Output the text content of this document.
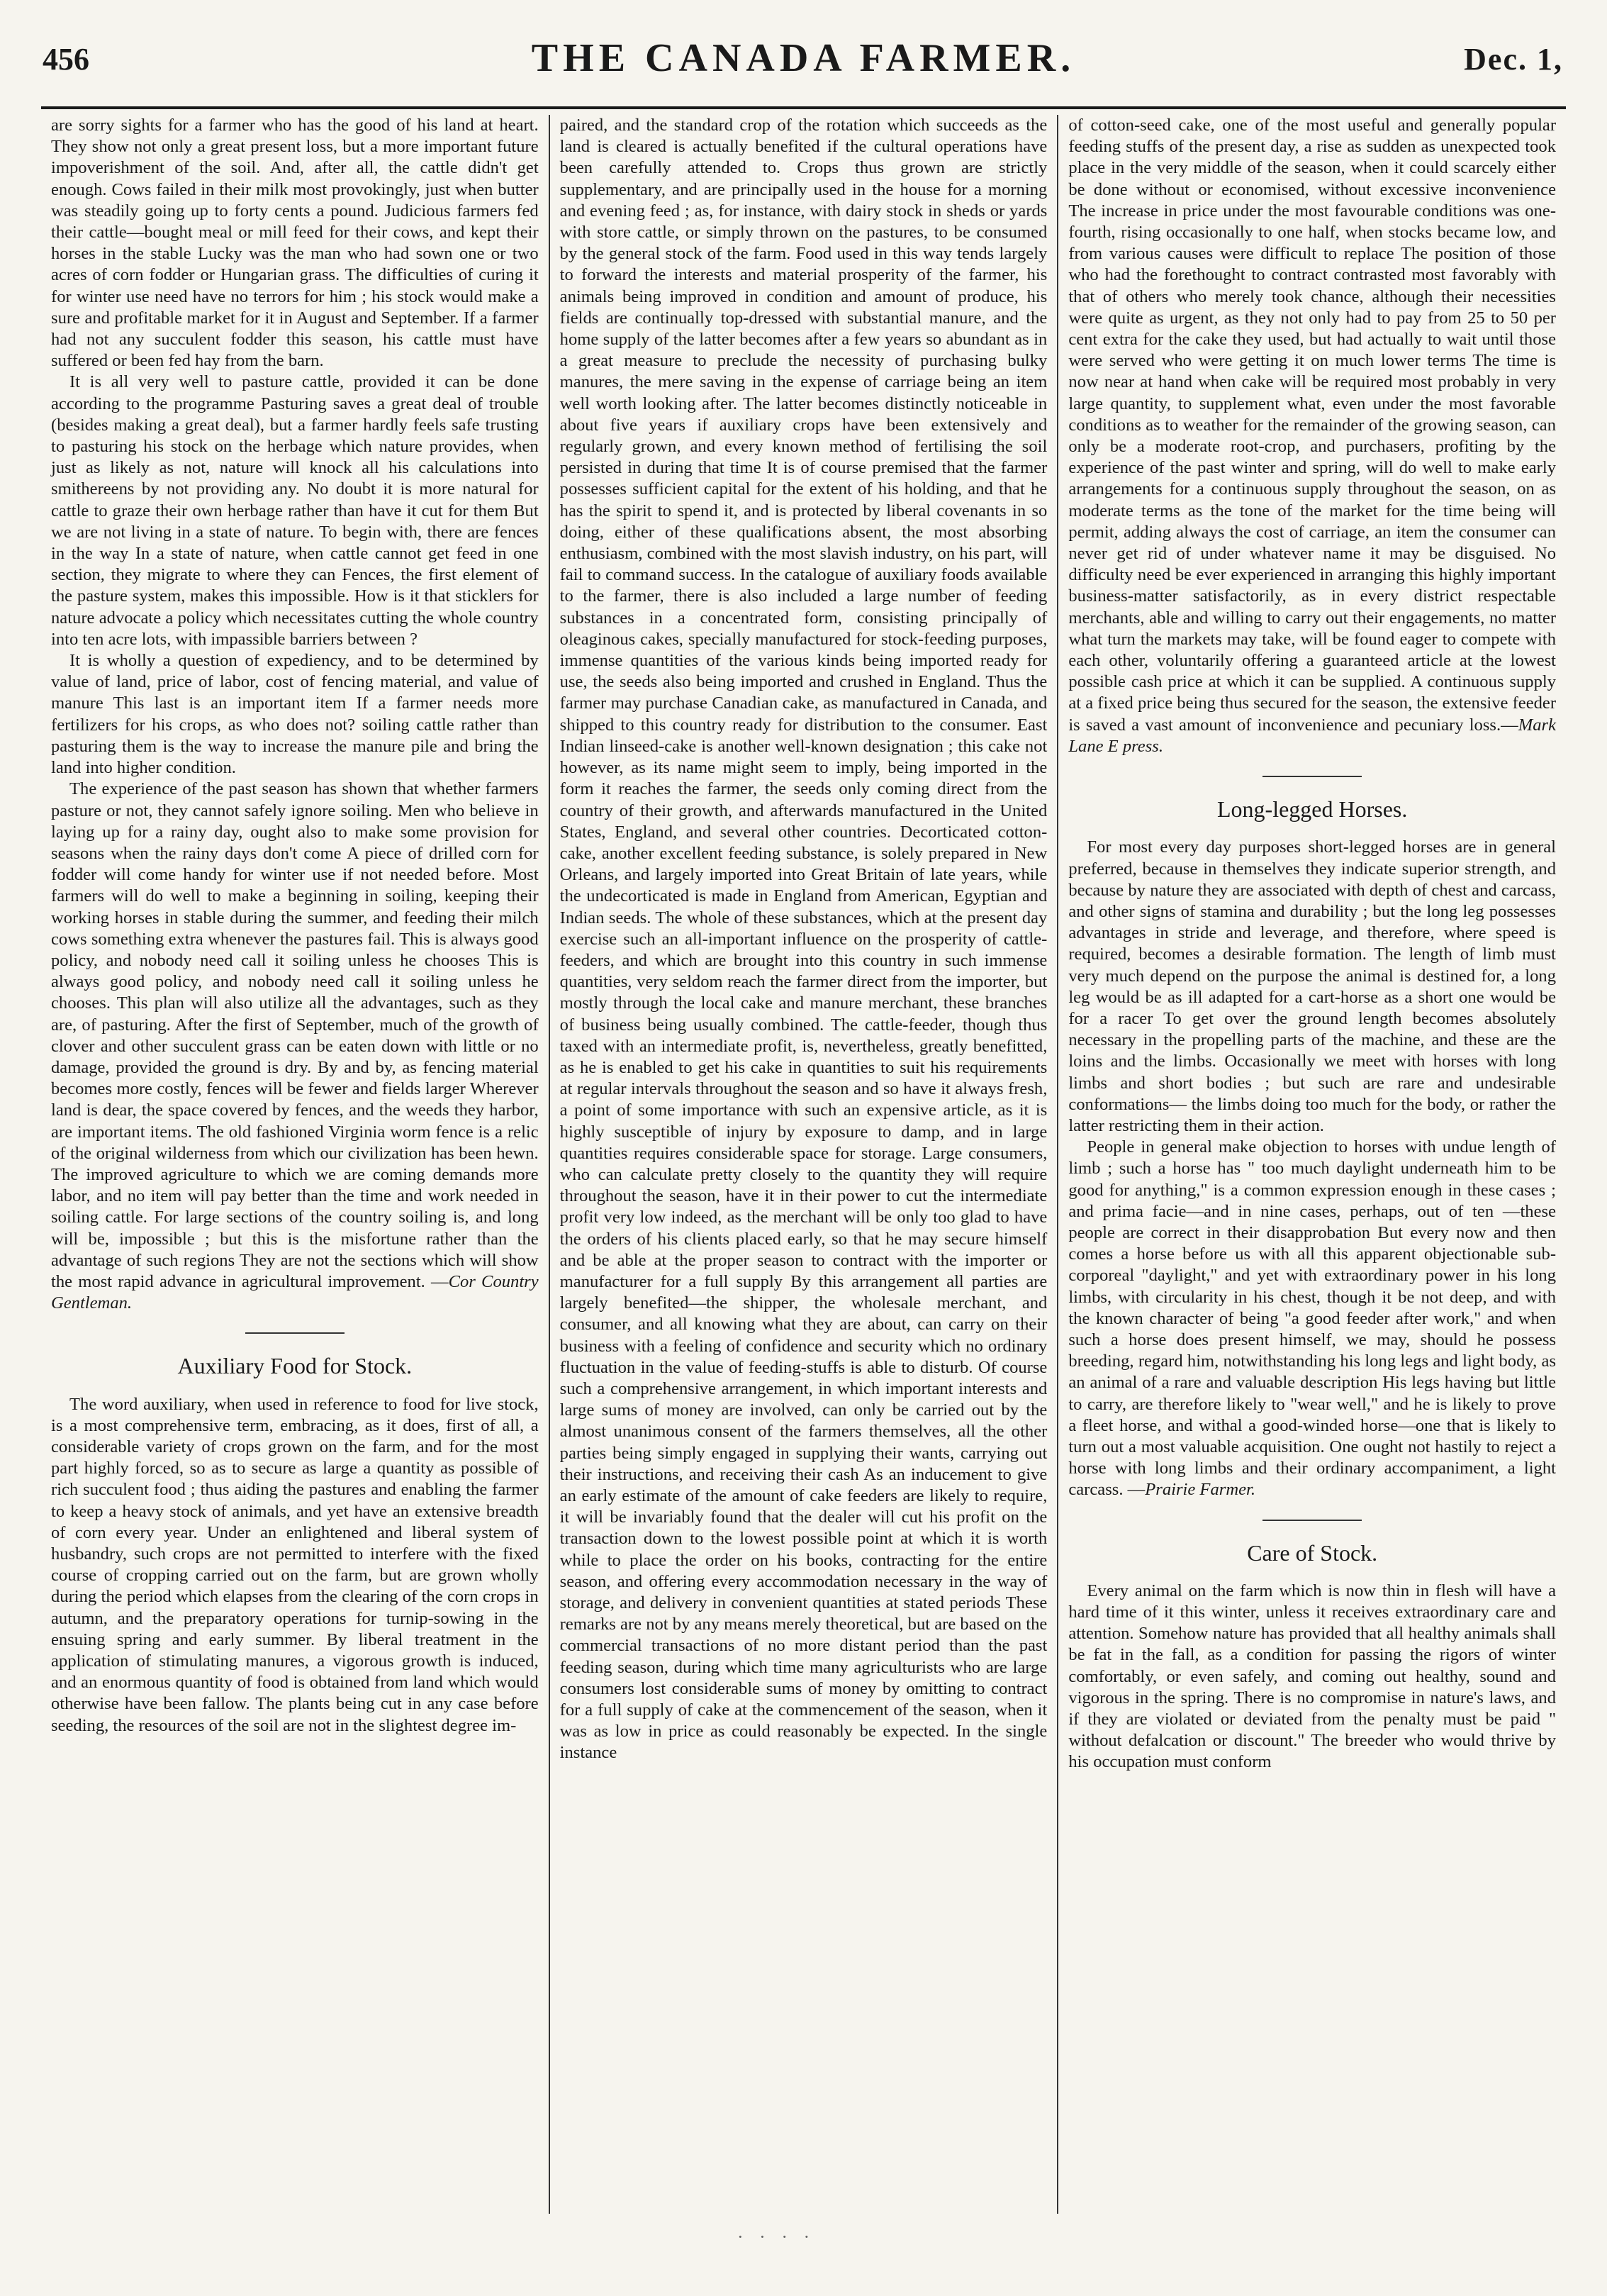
456	THE CANADA FARMER.	Dec. 1,

are sorry sights for a farmer who has the good of his land at heart. They show not only a great present loss, but a more important future impoverishment of the soil. And, after all, the cattle didn't get enough. Cows failed in their milk most provokingly, just when butter was steadily going up to forty cents a pound. Judicious farmers fed their cattle—bought meal or mill feed for their cows, and kept their horses in the stable Lucky was the man who had sown one or two acres of corn fodder or Hungarian grass. The difficulties of curing it for winter use need have no terrors for him ; his stock would make a sure and profitable market for it in August and September. If a farmer had not any succulent fodder this season, his cattle must have suffered or been fed hay from the barn.

It is all very well to pasture cattle, provided it can be done according to the programme Pasturing saves a great deal of trouble (besides making a great deal), but a farmer hardly feels safe trusting to pasturing his stock on the herbage which nature provides, when just as likely as not, nature will knock all his calculations into smithereens by not providing any. No doubt it is more natural for cattle to graze their own herbage rather than have it cut for them But we are not living in a state of nature. To begin with, there are fences in the way In a state of nature, when cattle cannot get feed in one section, they migrate to where they can Fences, the first element of the pasture system, makes this impossible. How is it that sticklers for nature advocate a policy which necessitates cutting the whole country into ten acre lots, with impassible barriers between ?

It is wholly a question of expediency, and to be determined by value of land, price of labor, cost of fencing material, and value of manure This last is an important item If a farmer needs more fertilizers for his crops, as who does not? soiling cattle rather than pasturing them is the way to increase the manure pile and bring the land into higher condition.

The experience of the past season has shown that whether farmers pasture or not, they cannot safely ignore soiling. Men who believe in laying up for a rainy day, ought also to make some provision for seasons when the rainy days don't come A piece of drilled corn for fodder will come handy for winter use if not needed before. Most farmers will do well to make a beginning in soiling, keeping their working horses in stable during the summer, and feeding their milch cows something extra whenever the pastures fail. This is always good policy, and nobody need call it soiling unless he chooses This is always good policy, and nobody need call it soiling unless he chooses. This plan will also utilize all the advantages, such as they are, of pasturing. After the first of September, much of the growth of clover and other succulent grass can be eaten down with little or no damage, provided the ground is dry. By and by, as fencing material becomes more costly, fences will be fewer and fields larger Wherever land is dear, the space covered by fences, and the weeds they harbor, are important items. The old fashioned Virginia worm fence is a relic of the original wilderness from which our civilization has been hewn. The improved agriculture to which we are coming demands more labor, and no item will pay better than the time and work needed in soiling cattle. For large sections of the country soiling is, and long will be, impossible ; but this is the misfortune rather than the advantage of such regions They are not the sections which will show the most rapid advance in agricultural improvement. —Cor Country Gentleman.

Auxiliary Food for Stock.

The word auxiliary, when used in reference to food for live stock, is a most comprehensive term, embracing, as it does, first of all, a considerable variety of crops grown on the farm, and for the most part highly forced, so as to secure as large a quantity as possible of rich succulent food ; thus aiding the pastures and enabling the farmer to keep a heavy stock of animals, and yet have an extensive breadth of corn every year. Under an enlightened and liberal system of husbandry, such crops are not permitted to interfere with the fixed course of cropping carried out on the farm, but are grown wholly during the period which elapses from the clearing of the corn crops in autumn, and the preparatory operations for turnip-sowing in the ensuing spring and early summer. By liberal treatment in the application of stimulating manures, a vigorous growth is induced, and an enormous quantity of food is obtained from land which would otherwise have been fallow. The plants being cut in any case before seeding, the resources of the soil are not in the slightest degree im-

paired, and the standard crop of the rotation which succeeds as the land is cleared is actually benefited if the cultural operations have been carefully attended to. Crops thus grown are strictly supplementary, and are principally used in the house for a morning and evening feed ; as, for instance, with dairy stock in sheds or yards with store cattle, or simply thrown on the pastures, to be consumed by the general stock of the farm. Food used in this way tends largely to forward the interests and material prosperity of the farmer, his animals being improved in condition and amount of produce, his fields are continually top-dressed with substantial manure, and the home supply of the latter becomes after a few years so abundant as in a great measure to preclude the necessity of purchasing bulky manures, the mere saving in the expense of carriage being an item well worth looking after. The latter becomes distinctly noticeable in about five years if auxiliary crops have been extensively and regularly grown, and every known method of fertilising the soil persisted in during that time It is of course premised that the farmer possesses sufficient capital for the extent of his holding, and that he has the spirit to spend it, and is protected by liberal covenants in so doing, either of these qualifications absent, the most absorbing enthusiasm, combined with the most slavish industry, on his part, will fail to command success. In the catalogue of auxiliary foods available to the farmer, there is also included a large number of feeding substances in a concentrated form, consisting principally of oleaginous cakes, specially manufactured for stock-feeding purposes, immense quantities of the various kinds being imported ready for use, the seeds also being imported and crushed in England. Thus the farmer may purchase Canadian cake, as manufactured in Canada, and shipped to this country ready for distribution to the consumer. East Indian linseed-cake is another well-known designation ; this cake not however, as its name might seem to imply, being imported in the form it reaches the farmer, the seeds only coming direct from the country of their growth, and afterwards manufactured in the United States, England, and several other countries. Decorticated cotton-cake, another excellent feeding substance, is solely prepared in New Orleans, and largely imported into Great Britain of late years, while the undecorticated is made in England from American, Egyptian and Indian seeds. The whole of these substances, which at the present day exercise such an all-important influence on the prosperity of cattle-feeders, and which are brought into this country in such immense quantities, very seldom reach the farmer direct from the importer, but mostly through the local cake and manure merchant, these branches of business being usually combined. The cattle-feeder, though thus taxed with an intermediate profit, is, nevertheless, greatly benefitted, as he is enabled to get his cake in quantities to suit his requirements at regular intervals throughout the season and so have it always fresh, a point of some importance with such an expensive article, as it is highly susceptible of injury by exposure to damp, and in large quantities requires considerable space for storage. Large consumers, who can calculate pretty closely to the quantity they will require throughout the season, have it in their power to cut the intermediate profit very low indeed, as the merchant will be only too glad to have the orders of his clients placed early, so that he may secure himself and be able at the proper season to contract with the importer or manufacturer for a full supply By this arrangement all parties are largely benefited—the shipper, the wholesale merchant, and consumer, and all knowing what they are about, can carry on their business with a feeling of confidence and security which no ordinary fluctuation in the value of feeding-stuffs is able to disturb. Of course such a comprehensive arrangement, in which important interests and large sums of money are involved, can only be carried out by the almost unanimous consent of the farmers themselves, all the other parties being simply engaged in supplying their wants, carrying out their instructions, and receiving their cash As an inducement to give an early estimate of the amount of cake feeders are likely to require, it will be invariably found that the dealer will cut his profit on the transaction down to the lowest possible point at which it is worth while to place the order on his books, contracting for the entire season, and offering every accommodation necessary in the way of storage, and delivery in convenient quantities at stated periods These remarks are not by any means merely theoretical, but are based on the commercial transactions of no more distant period than the past feeding season, during which time many agriculturists who are large consumers lost considerable sums of money by omitting to contract for a full supply of cake at the commencement of the season, when it was as low in price as could reasonably be expected. In the single instance

of cotton-seed cake, one of the most useful and generally popular feeding stuffs of the present day, a rise as sudden as unexpected took place in the very middle of the season, when it could scarcely either be done without or economised, without excessive inconvenience The increase in price under the most favourable conditions was one-fourth, rising occasionally to one half, when stocks became low, and from various causes were difficult to replace The position of those who had the forethought to contract contrasted most favorably with that of others who merely took chance, although their necessities were quite as urgent, as they not only had to pay from 25 to 50 per cent extra for the cake they used, but had actually to wait until those were served who were getting it on much lower terms The time is now near at hand when cake will be required most probably in very large quantity, to supplement what, even under the most favorable conditions as to weather for the remainder of the growing season, can only be a moderate root-crop, and purchasers, profiting by the experience of the past winter and spring, will do well to make early arrangements for a continuous supply throughout the season, on as moderate terms as the tone of the market for the time being will permit, adding always the cost of carriage, an item the consumer can never get rid of under whatever name it may be disguised. No difficulty need be ever experienced in arranging this highly important business-matter satisfactorily, as in every district respectable merchants, able and willing to carry out their engagements, no matter what turn the markets may take, will be found eager to compete with each other, voluntarily offering a guaranteed article at the lowest possible cash price at which it can be supplied. A continuous supply at a fixed price being thus secured for the season, the extensive feeder is saved a vast amount of inconvenience and pecuniary loss.—Mark Lane E press.

Long-legged Horses.

For most every day purposes short-legged horses are in general preferred, because in themselves they indicate superior strength, and because by nature they are associated with depth of chest and carcass, and other signs of stamina and durability ; but the long leg possesses advantages in stride and leverage, and therefore, where speed is required, becomes a desirable formation. The length of limb must very much depend on the purpose the animal is destined for, a long leg would be as ill adapted for a cart-horse as a short one would be for a racer To get over the ground length becomes absolutely necessary in the propelling parts of the machine, and these are the loins and the limbs. Occasionally we meet with horses with long limbs and short bodies ; but such are rare and undesirable conformations— the limbs doing too much for the body, or rather the latter restricting them in their action.

People in general make objection to horses with undue length of limb ; such a horse has " too much daylight underneath him to be good for anything," is a common expression enough in these cases ; and prima facie—and in nine cases, perhaps, out of ten —these people are correct in their disapprobation But every now and then comes a horse before us with all this apparent objectionable sub-corporeal "daylight," and yet with extraordinary power in his long limbs, with circularity in his chest, though it be not deep, and with the known character of being "a good feeder after work," and when such a horse does present himself, we may, should he possess breeding, regard him, notwithstanding his long legs and light body, as an animal of a rare and valuable description His legs having but little to carry, are therefore likely to "wear well," and he is likely to prove a fleet horse, and withal a good-winded horse—one that is likely to turn out a most valuable acquisition. One ought not hastily to reject a horse with long limbs and their ordinary accompaniment, a light carcass. —Prairie Farmer.

Care of Stock.

Every animal on the farm which is now thin in flesh will have a hard time of it this winter, unless it receives extraordinary care and attention. Somehow nature has provided that all healthy animals shall be fat in the fall, as a condition for passing the rigors of winter comfortably, or even safely, and coming out healthy, sound and vigorous in the spring. There is no compromise in nature's laws, and if they are violated or deviated from the penalty must be paid " without defalcation or discount." The breeder who would thrive by his occupation must conform

· · · ·
